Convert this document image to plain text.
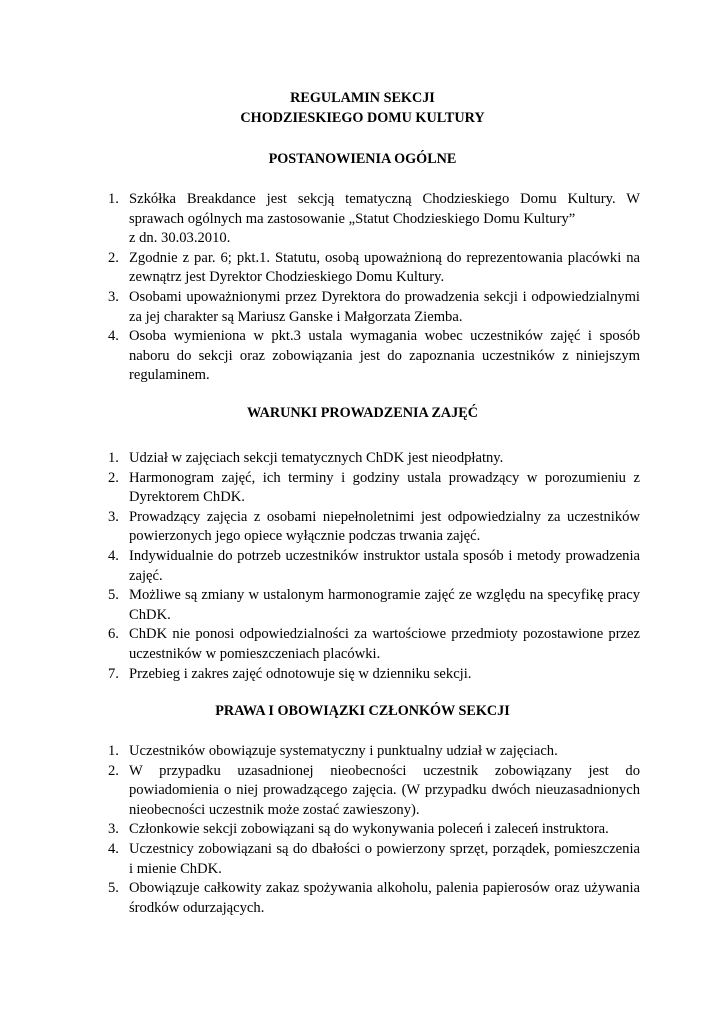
REGULAMIN SEKCJI
CHODZIESKIEGO DOMU KULTURY
POSTANOWIENIA OGÓLNE
1. Szkółka Breakdance jest sekcją tematyczną Chodzieskiego Domu Kultury. W
sprawach ogólnych ma zastosowanie „Statut Chodzieskiego Domu Kultury”
z dn. 30.03.2010.
2. Zgodnie z par. 6; pkt.1. Statutu, osobą upoważnioną do reprezentowania placówki na
zewnątrz jest Dyrektor Chodzieskiego Domu Kultury.
3. Osobami upoważnionymi przez Dyrektora do prowadzenia sekcji i odpowiedzialnymi
za jej charakter są Mariusz Ganske i Małgorzata Ziemba.
4. Osoba wymieniona w pkt.3 ustala wymagania wobec uczestników zajęć i sposób
naboru do sekcji oraz zobowiązania jest do zapoznania uczestników z niniejszym
regulaminem.
WARUNKI PROWADZENIA ZAJĘĆ
1. Udział w zajęciach sekcji tematycznych ChDK jest nieodpłatny.
2. Harmonogram zajęć, ich terminy i godziny ustala prowadzący w porozumieniu z
Dyrektorem ChDK.
3. Prowadzący zajęcia z osobami niepełnoletnimi jest odpowiedzialny za uczestników
powierzonych jego opiece wyłącznie podczas trwania zajęć.
4. Indywidualnie do potrzeb uczestników instruktor ustala sposób i metody prowadzenia
zajęć.
5. Możliwe są zmiany w ustalonym harmonogramie zajęć ze względu na specyfikę pracy
ChDK.
6. ChDK nie ponosi odpowiedzialności za wartościowe przedmioty pozostawione przez
uczestników w pomieszczeniach placówki.
7. Przebieg i zakres zajęć odnotowuje się w dzienniku sekcji.
PRAWA I OBOWIĄZKI CZŁONKÓW SEKCJI
1. Uczestników obowiązuje systematyczny i punktualny udział w zajęciach.
2. W przypadku uzasadnionej nieobecności uczestnik zobowiązany jest do
powiadomienia o niej prowadzącego zajęcia. (W przypadku dwóch nieuzasadnionych
nieobecności uczestnik może zostać zawieszony).
3. Członkowie sekcji zobowiązani są do wykonywania poleceń i zaleceń instruktora.
4. Uczestnicy zobowiązani są do dbałości o powierzony sprzęt, porządek, pomieszczenia
i mienie ChDK.
5. Obowiązuje całkowity zakaz spożywania alkoholu, palenia papierosów oraz używania
środków odurzających.
